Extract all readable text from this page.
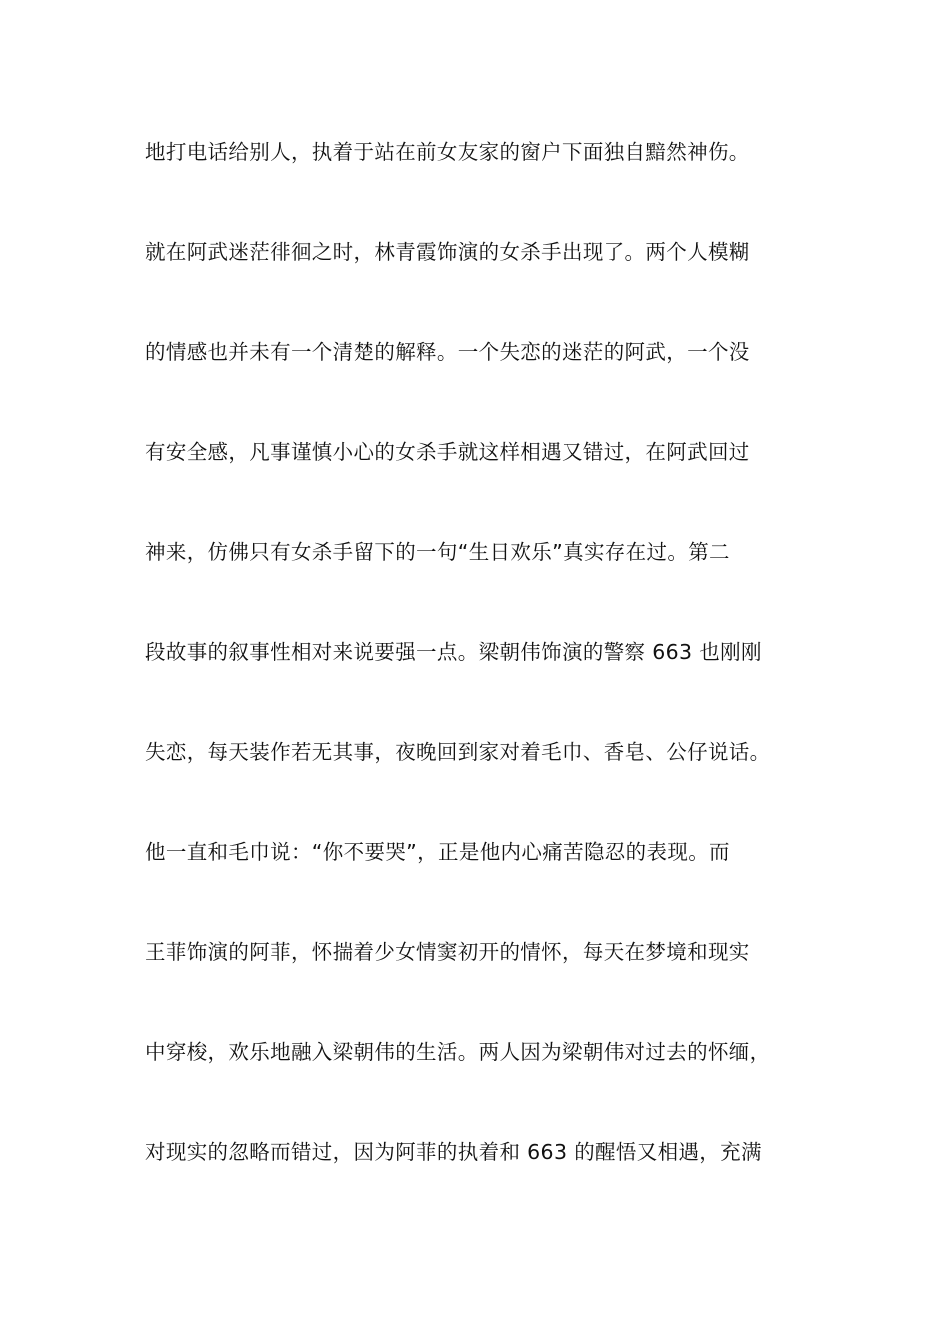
地打电话给别人，执着于站在前女友家的窗户下面独自黯然神伤。
就在阿武迷茫徘徊之时，林青霞饰演的女杀手出现了。两个人模糊
的情感也并未有一个清楚的解释。一个失恋的迷茫的阿武，一个没
有安全感，凡事谨慎小心的女杀手就这样相遇又错过，在阿武回过
神来，仿佛只有女杀手留下的一句“生日欢乐”真实存在过。第二
段故事的叙事性相对来说要强一点。梁朝伟饰演的警察 663 也刚刚
失恋，每天装作若无其事，夜晚回到家对着毛巾、香皂、公仔说话。
他一直和毛巾说：“你不要哭”，正是他内心痛苦隐忍的表现。而
王菲饰演的阿菲，怀揣着少女情窦初开的情怀，每天在梦境和现实
中穿梭，欢乐地融入梁朝伟的生活。两人因为梁朝伟对过去的怀缅，
对现实的忽略而错过，因为阿菲的执着和 663 的醒悟又相遇，充满
